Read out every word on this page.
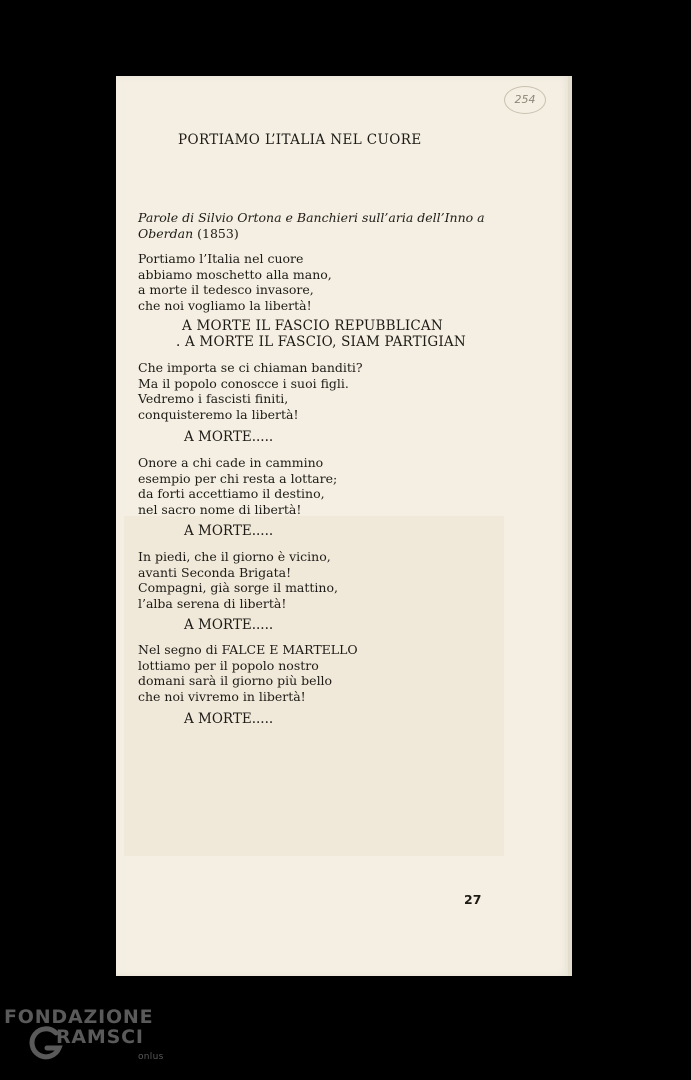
254
PORTIAMO L’ITALIA NEL CUORE
Parole di Silvio Ortona e Banchieri sull’aria dell’Inno a Oberdan (1853)
Portiamo l’Italia nel cuore
abbiamo moschetto alla mano,
a morte il tedesco invasore,
che noi vogliamo la libertà!
A MORTE IL FASCIO REPUBBLICAN
. A MORTE IL FASCIO, SIAM PARTIGIAN
Che importa se ci chiaman banditi?
Ma il popolo conoscce i suoi figli.
Vedremo i fascisti finiti,
conquisteremo la libertà!
A MORTE.....
Onore a chi cade in cammino
esempio per chi resta a lottare;
da forti accettiamo il destino,
nel sacro nome di libertà!
A MORTE.....
In piedi, che il giorno è vicino,
avanti Seconda Brigata!
Compagni, già sorge il mattino,
l’alba serena di libertà!
A MORTE.....
Nel segno di FALCE E MARTELLO
lottiamo per il popolo nostro
domani sarà il giorno più bello
che noi vivremo in libertà!
A MORTE.....
27
FONDAZIONE
RAMSCI
onlus
